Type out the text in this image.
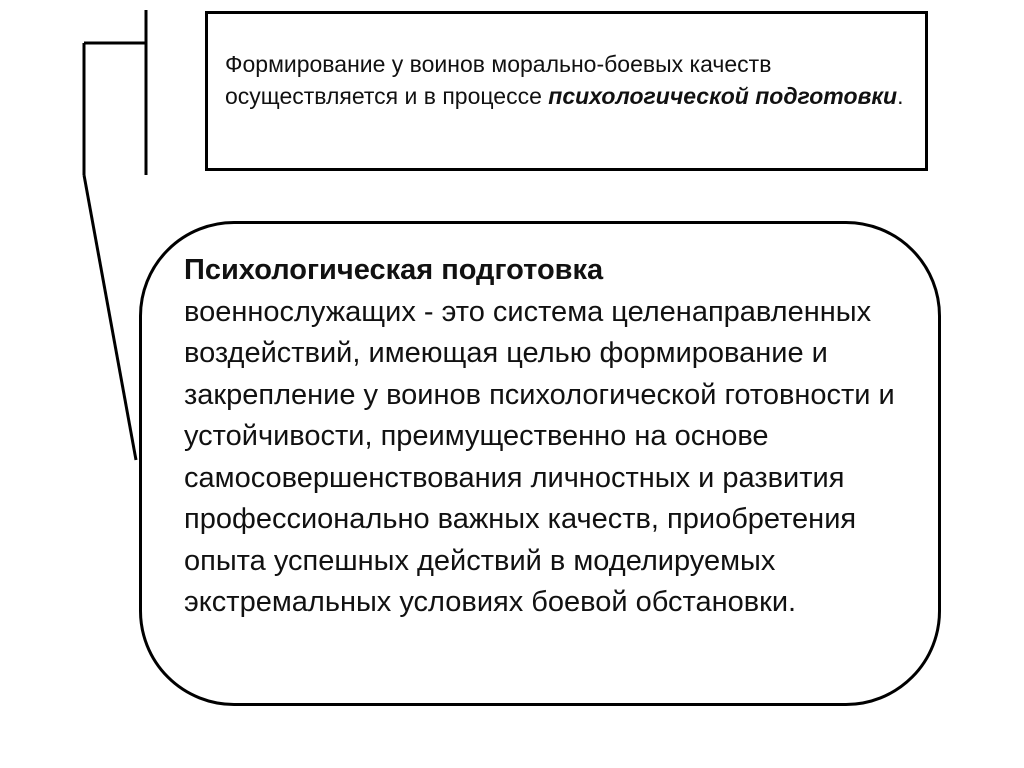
Формирование у воинов морально-боевых качеств осуществляется и в процессе психологической подготовки.

Психологическая подготовка
военнослужащих - это система целенаправленных воздействий, имеющая целью формирование и закрепление у воинов психологической готовности и устойчивости, преимущественно на основе самосовершенствования личностных и развития профессионально важных качеств, приобретения опыта успешных действий в моделируемых экстремальных условиях боевой обстановки.
